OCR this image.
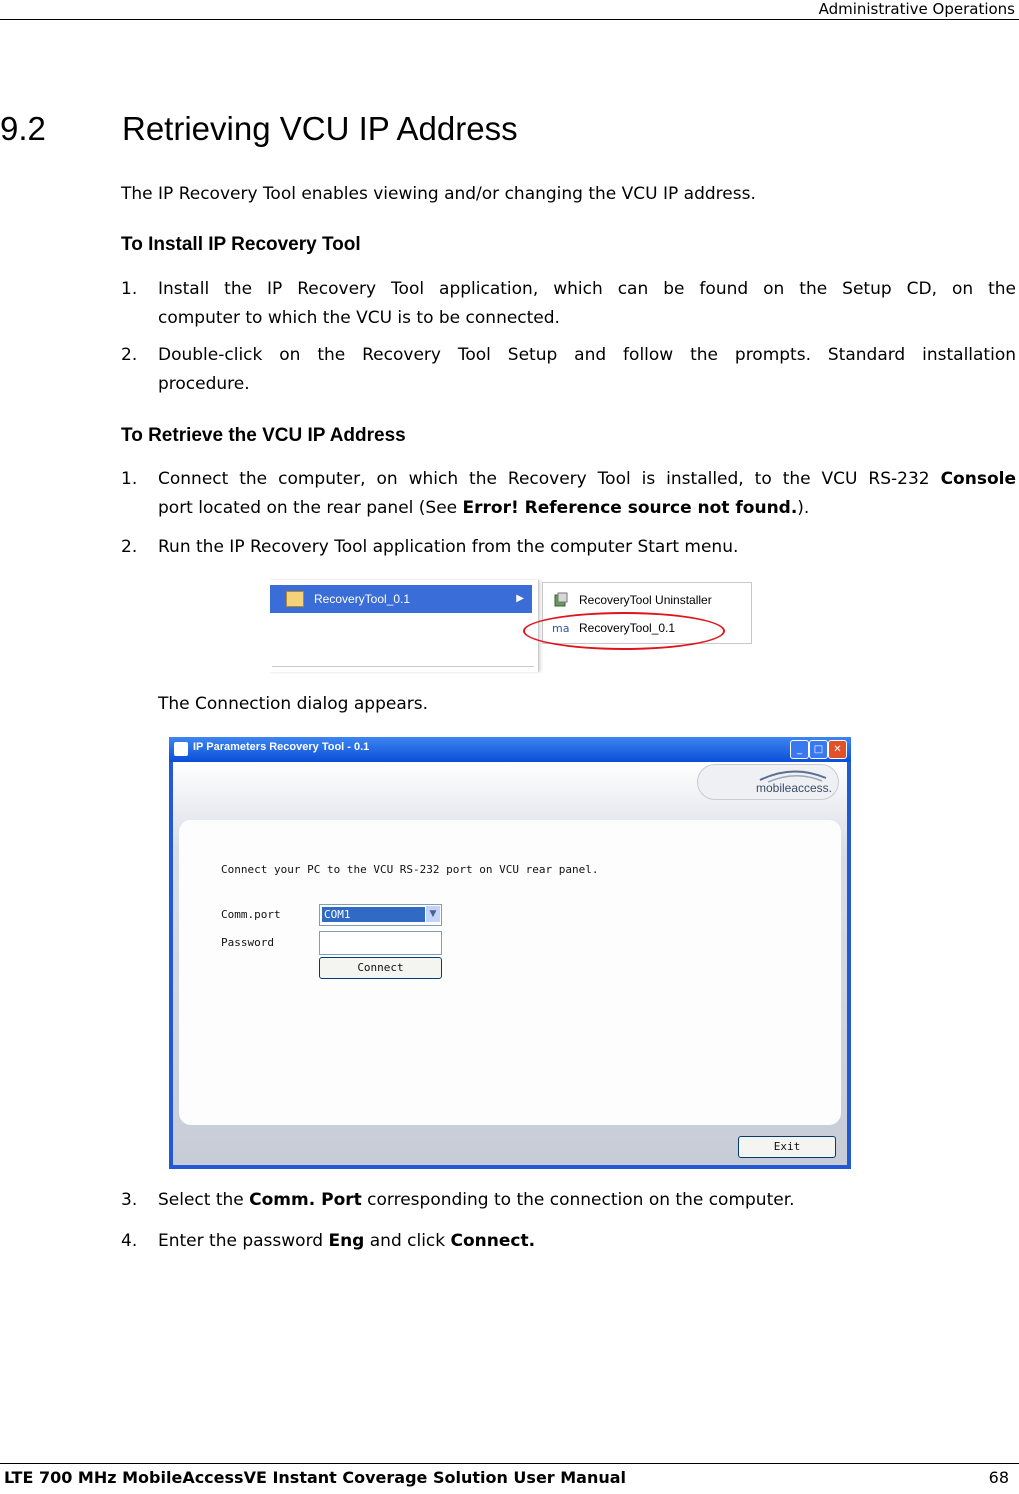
Administrative Operations
9.2 Retrieving VCU IP Address
The IP Recovery Tool enables viewing and/or changing the VCU IP address.
To Install IP Recovery Tool
1. Install the IP Recovery Tool application, which can be found on the Setup CD, on the
computer to which the VCU is to be connected.
2. Double-click on the Recovery Tool Setup and follow the prompts. Standard installation
procedure.
To Retrieve the VCU IP Address
1. Connect the computer, on which the Recovery Tool is installed, to the VCU RS-232 Console
port located on the rear panel (See Error! Reference source not found.).
2. Run the IP Recovery Tool application from the computer Start menu.
RecoveryTool_0.1	▶	RecoveryTool Uninstaller
ma RecoveryTool_0.1
The Connection dialog appears.
IP Parameters Recovery Tool - 0.1	_	□	✕
mobileaccess.
Connect your PC to the VCU RS-232 port on VCU rear panel.
Comm.port
Password
COM1	▼
Connect
Exit
3. Select the Comm. Port corresponding to the connection on the computer.
4. Enter the password Eng and click Connect.
LTE 700 MHz MobileAccessVE Instant Coverage Solution User Manual	68
